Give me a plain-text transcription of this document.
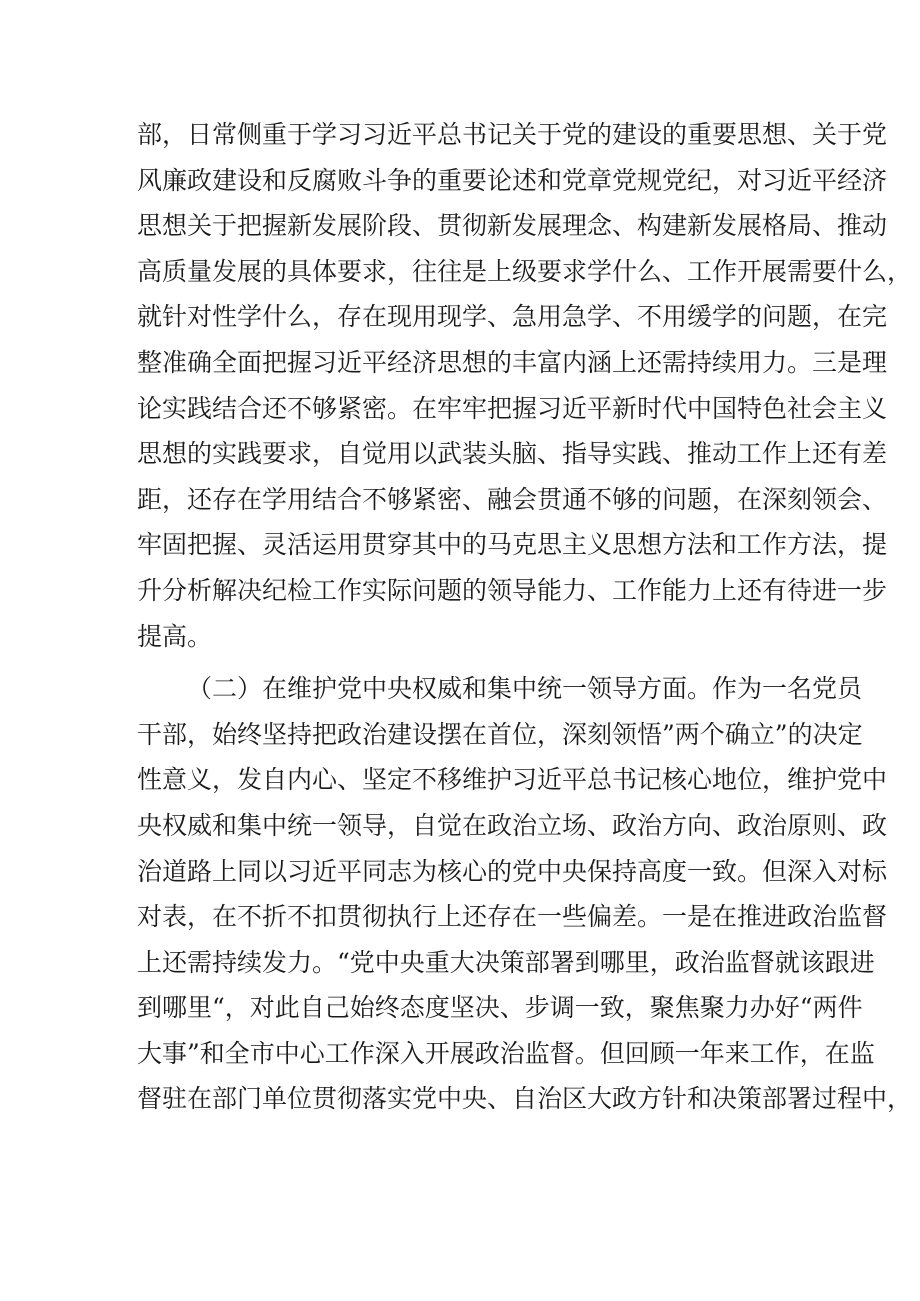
部，日常侧重于学习习近平总书记关于党的建设的重要思想、关于党
风廉政建设和反腐败斗争的重要论述和党章党规党纪，对习近平经济
思想关于把握新发展阶段、贯彻新发展理念、构建新发展格局、推动
高质量发展的具体要求，往往是上级要求学什么、工作开展需要什么，
就针对性学什么，存在现用现学、急用急学、不用缓学的问题，在完
整准确全面把握习近平经济思想的丰富内涵上还需持续用力。三是理
论实践结合还不够紧密。在牢牢把握习近平新时代中国特色社会主义
思想的实践要求，自觉用以武装头脑、指导实践、推动工作上还有差
距，还存在学用结合不够紧密、融会贯通不够的问题，在深刻领会、
牢固把握、灵活运用贯穿其中的马克思主义思想方法和工作方法，提
升分析解决纪检工作实际问题的领导能力、工作能力上还有待进一步
提高。
（二）在维护党中央权威和集中统一领导方面。作为一名党员
干部，始终坚持把政治建设摆在首位，深刻领悟”两个确立”的决定
性意义，发自内心、坚定不移维护习近平总书记核心地位，维护党中
央权威和集中统一领导，自觉在政治立场、政治方向、政治原则、政
治道路上同以习近平同志为核心的党中央保持高度一致。但深入对标
对表，在不折不扣贯彻执行上还存在一些偏差。一是在推进政治监督
上还需持续发力。“党中央重大决策部署到哪里，政治监督就该跟进
到哪里“，对此自己始终态度坚决、步调一致，聚焦聚力办好“两件
大事”和全市中心工作深入开展政治监督。但回顾一年来工作，在监
督驻在部门单位贯彻落实党中央、自治区大政方针和决策部署过程中，
